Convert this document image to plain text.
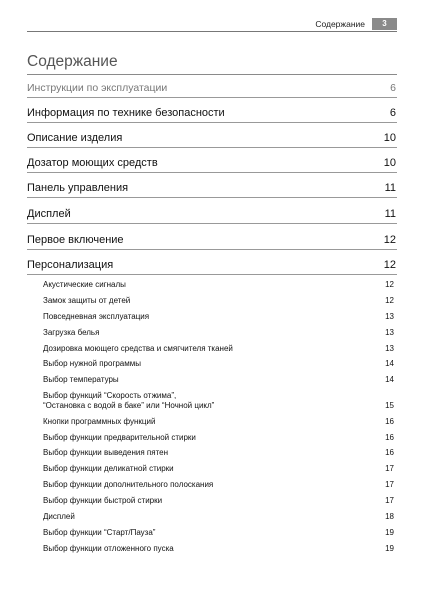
Содержание	3
Содержание
Инструкции по эксплуатации	6
Информация по технике безопасности	6
Описание изделия	10
Дозатор моющих средств	10
Панель управления	11
Дисплей	11
Первое включение	12
Персонализация	12
Акустические сигналы	12
Замок защиты от детей	12
Повседневная эксплуатация	13
Загрузка белья	13
Дозировка моющего средства и смягчителя тканей	13
Выбор нужной программы	14
Выбор температуры	14
Выбор функций “Скорость отжима”,
“Остановка с водой в баке” или “Ночной цикл”	15
Кнопки программных функций	16
Выбор функции предварительной стирки	16
Выбор функции выведения пятен	16
Выбор функции деликатной стирки	17
Выбор функции дополнительного полоскания	17
Выбор функции быстрой стирки	17
Дисплей	18
Выбор функции “Старт/Пауза”	19
Выбор функции отложенного пуска	19
